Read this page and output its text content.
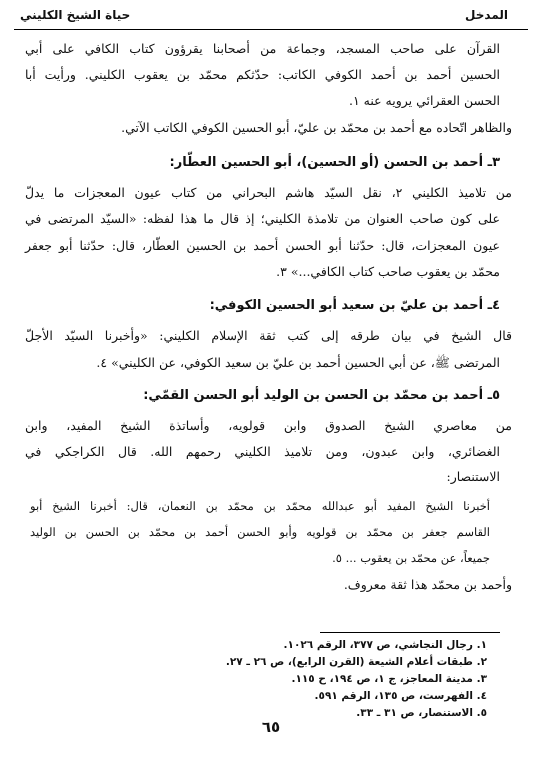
المدخل
حياة الشيخ الكليني
القرآن على صاحب المسجد، وجماعة من أصحابنا يقرؤون كتاب الكافي على أبي
الحسين أحمد بن أحمد الكوفي الكاتب: حدّثكم محمّد بن يعقوب الكليني. ورأيت أبا
الحسن العقرائي يرويه عنه ١.
والظاهر اتّحاده مع أحمد بن محمّد بن عليّ، أبو الحسين الكوفي الكاتب الآتي.
٣ـ أحمد بن الحسن (أو الحسين)، أبو الحسين العطّار:
من تلاميذ الكليني ٢، نقل السيّد هاشم البحراني من كتاب عيون المعجزات ما يدلّ
على كون صاحب العنوان من تلامذة الكليني؛ إذ قال ما هذا لفظه: «السيّد المرتضى في
عيون المعجزات، قال: حدّثنا أبو الحسن أحمد بن الحسين العطّار، قال: حدّثنا أبو جعفر
محمّد بن يعقوب صاحب كتاب الكافي...» ٣.
٤ـ أحمد بن عليّ بن سعيد أبو الحسين الكوفي:
قال الشيخ في بيان طرقه إلى كتب ثقة الإسلام الكليني: «وأخبرنا السيّد الأجلّ
المرتضى ﷺ، عن أبي الحسين أحمد بن عليّ بن سعيد الكوفي، عن الكليني» ٤.
٥ـ أحمد بن محمّد بن الحسن بن الوليد أبو الحسن القمّي:
من معاصري الشيخ الصدوق وابن قولويه، وأساتذة الشيخ المفيد، وابن
الغضائري، وابن عبدون، ومن تلاميذ الكليني رحمهم الله. قال الكراجكي في
الاستنصار:
أخبرنا الشيخ المفيد أبو عبدالله محمّد بن محمّد بن النعمان، قال: أخبرنا الشيخ أبو
القاسم جعفر بن محمّد بن قولويه وأبو الحسن أحمد بن محمّد بن الحسن بن الوليد
جميعاً، عن محمّد بن يعقوب ... ٥.
وأحمد بن محمّد هذا ثقة معروف.
١. رجال النجاشي، ص ٣٧٧، الرقم ١٠٢٦.
٢. طبقات أعلام الشيعة (القرن الرابع)، ص ٢٦ ـ ٢٧.
٣. مدينة المعاجز، ج ١، ص ١٩٤، ح ١١٥.
٤. الفهرست، ص ١٣٥، الرقم ٥٩١.
٥. الاستنصار، ص ٣١ ـ ٣٣.
٦٥
